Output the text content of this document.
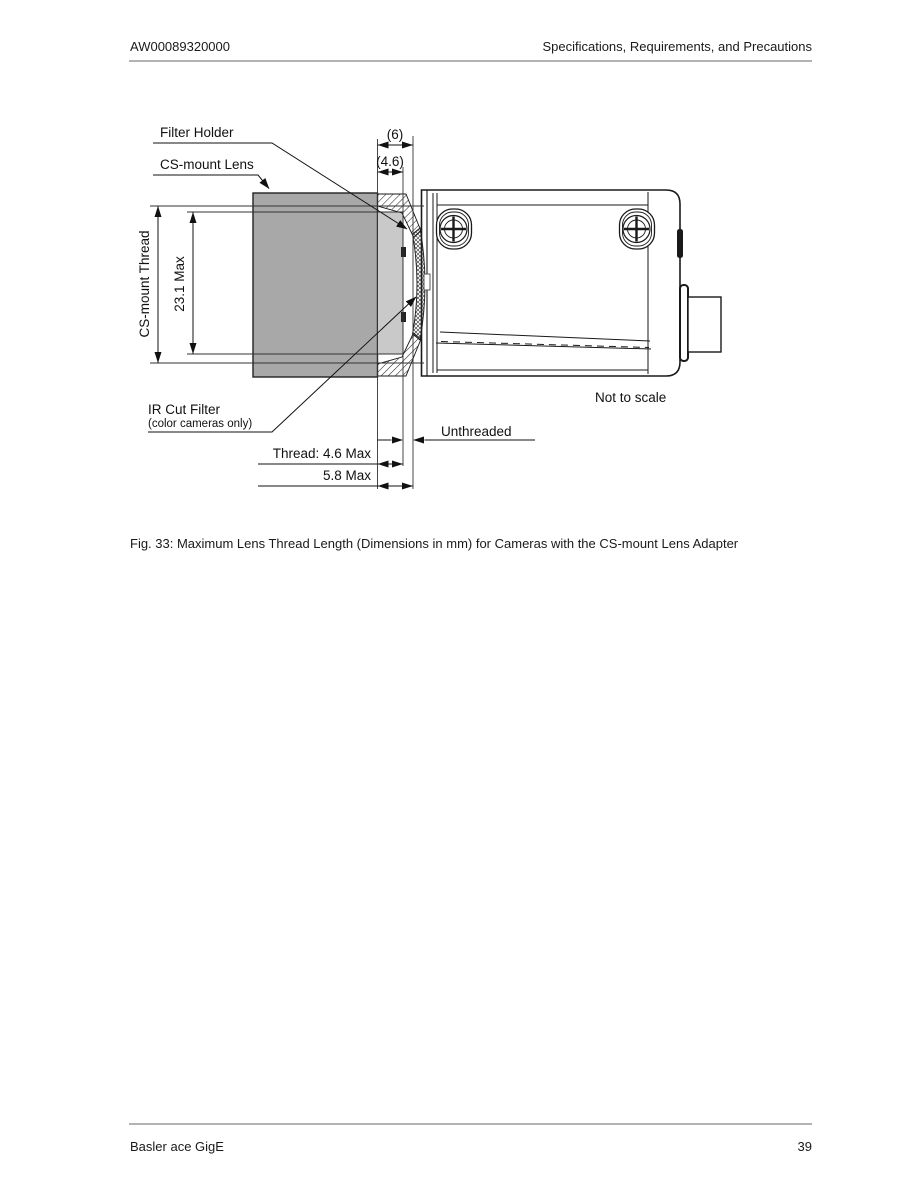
AW00089320000	Specifications, Requirements, and Precautions
Filter Holder
CS-mount Lens
(6)
(4.6)
CS-mount Thread 23.1 Max
IR Cut Filter
(color cameras only)	Unthreaded
Thread: 4.6 Max
5.8 Max
Not to scale
Fig. 33: Maximum Lens Thread Length (Dimensions in mm) for Cameras with the CS-mount Lens Adapter
Basler ace GigE	39
